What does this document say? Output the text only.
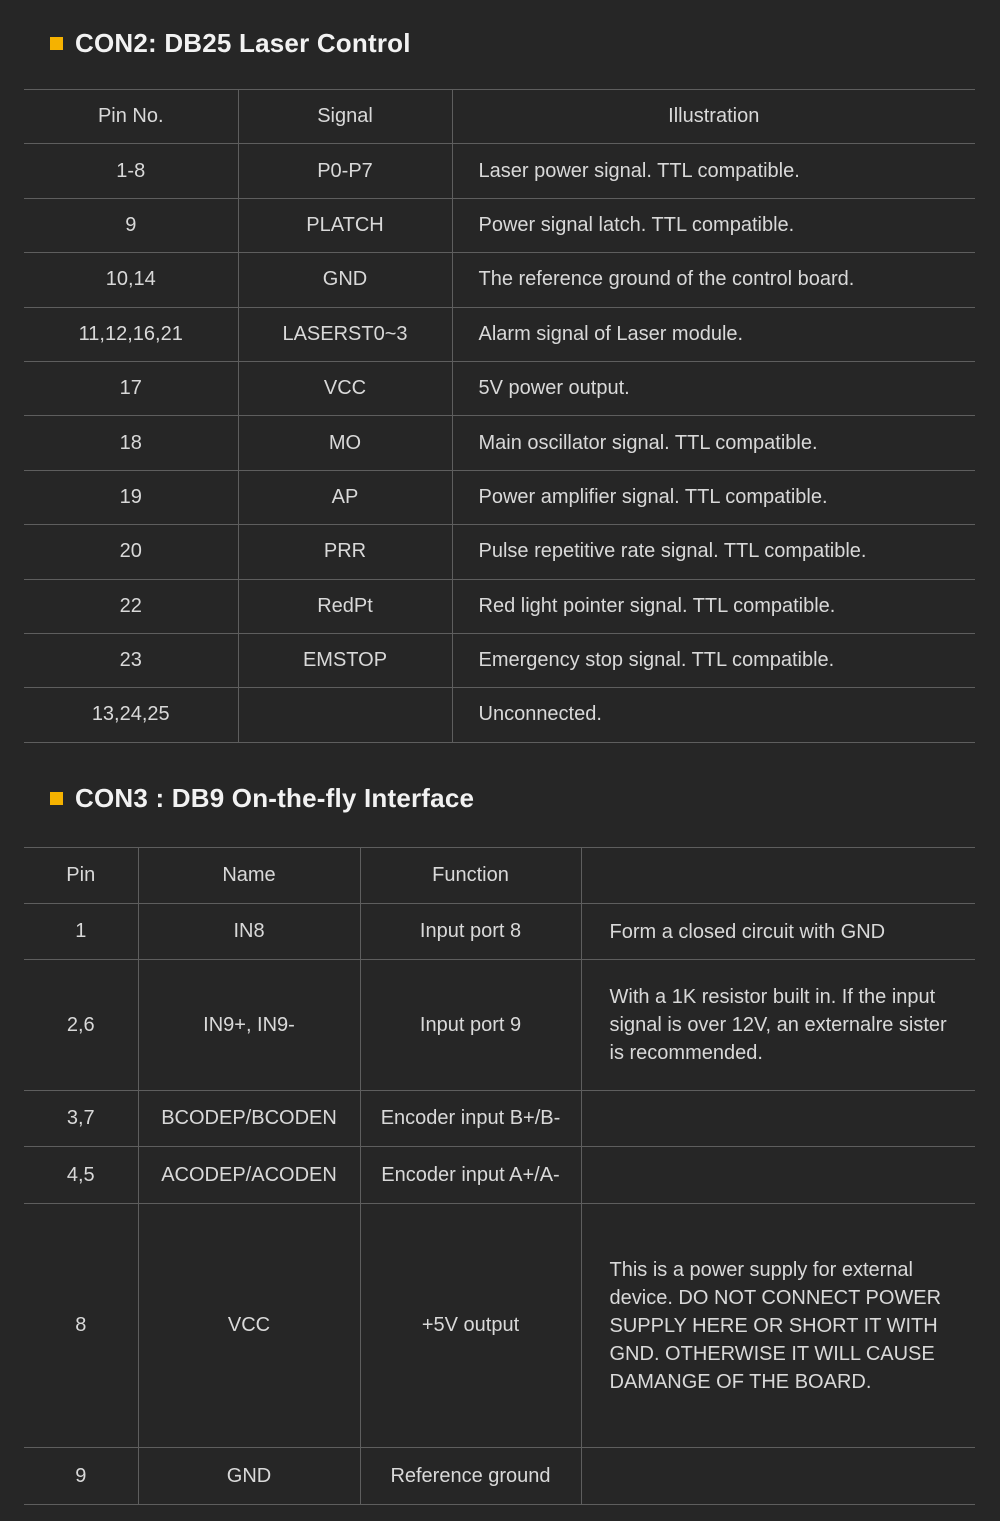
CON2: DB25 Laser Control
Pin No.	Signal	Illustration
1-8	P0-P7	Laser power signal. TTL compatible.
9	PLATCH	Power signal latch. TTL compatible.
10,14	GND	The reference ground of the control board.
11,12,16,21	LASERST0~3	Alarm signal of Laser module.
17	VCC	5V power output.
18	MO	Main oscillator signal. TTL compatible.
19	AP	Power amplifier signal. TTL compatible.
20	PRR	Pulse repetitive rate signal. TTL compatible.
22	RedPt	Red light pointer signal. TTL compatible.
23	EMSTOP	Emergency stop signal. TTL compatible.
13,24,25		Unconnected.
CON3 : DB9 On-the-fly Interface
Pin	Name	Function	
1	IN8	Input port 8	Form a closed circuit with GND
2,6	IN9+, IN9-	Input port 9	With a 1K resistor built in. If the input signal is over 12V, an externalre sister is recommended.
3,7	BCODEP/BCODEN	Encoder input B+/B-	
4,5	ACODEP/ACODEN	Encoder input A+/A-	
8	VCC	+5V output	This is a power supply for external device. DO NOT CONNECT POWER SUPPLY HERE OR SHORT IT WITH GND. OTHERWISE IT WILL CAUSE DAMANGE OF THE BOARD.
9	GND	Reference ground	
